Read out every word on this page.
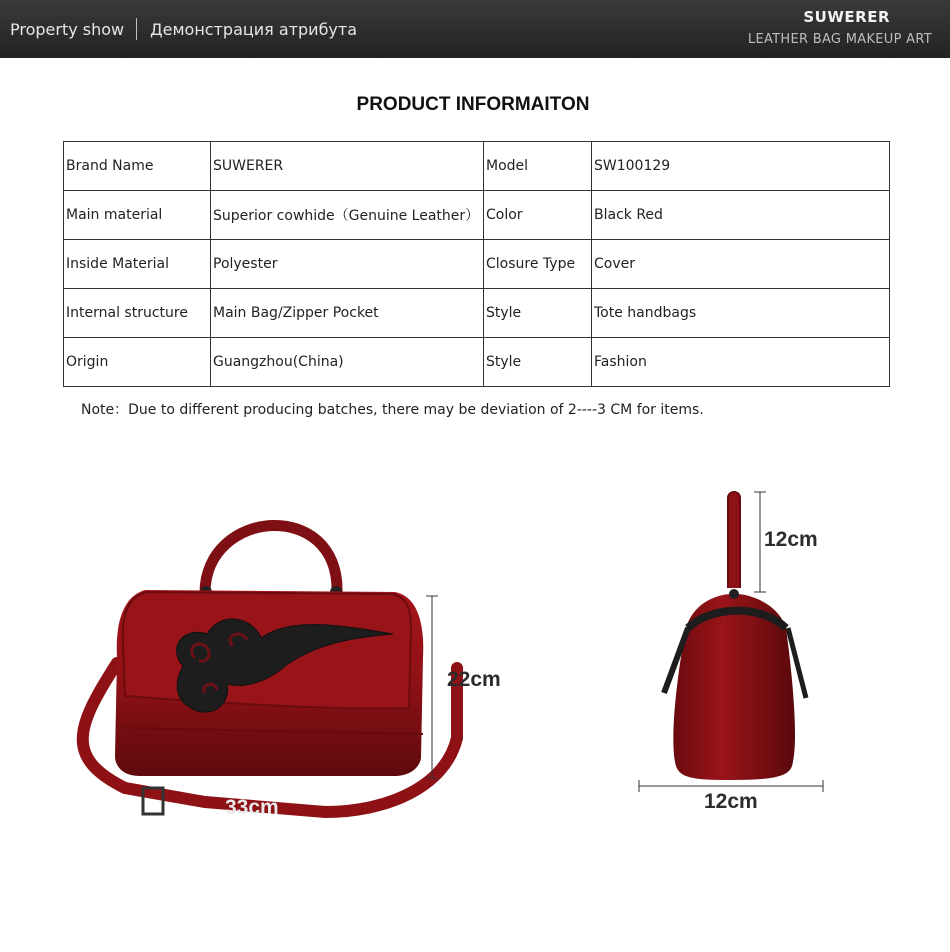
Property show Демонстрация атрибута
SUWERER
LEATHER BAG MAKEUP ART
PRODUCT INFORMAITON
Brand Name	SUWERER	Model	SW100129
Main material	Superior cowhide（Genuine Leather）	Color	Black Red
Inside Material	Polyester	Closure Type	Cover
Internal structure	Main Bag/Zipper Pocket	Style	Tote handbags
Origin	Guangzhou(China)	Style	Fashion
Note：Due to different producing batches, there may be deviation of 2----3 CM for items.
22cm
33cm
12cm
12cm
